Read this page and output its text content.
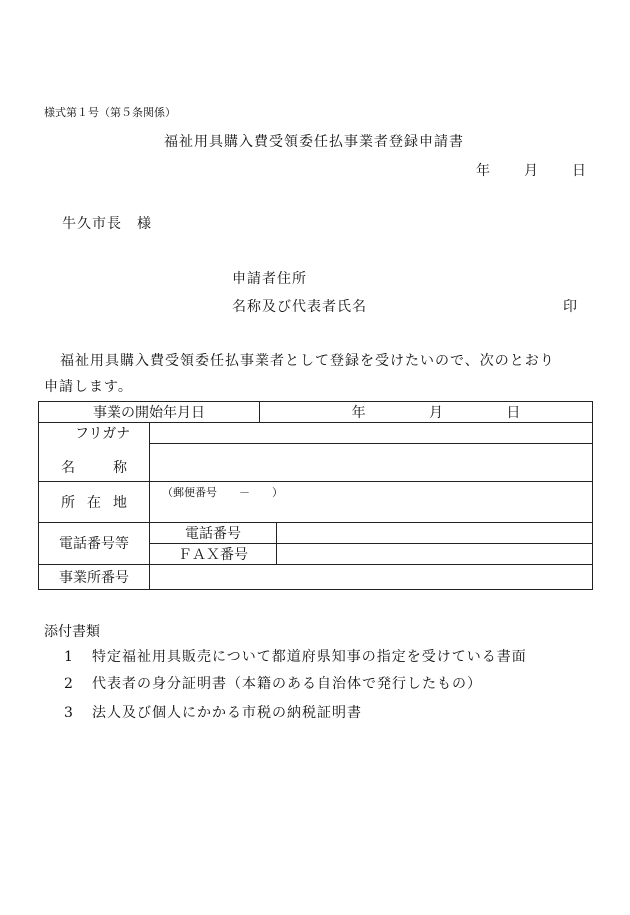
様式第１号（第５条関係）
福祉用具購入費受領委任払事業者登録申請書
年 月 日
牛久市長　様
申請者住所
名称及び代表者氏名	印
福祉用具購入費受領委任払事業者として登録を受けたいので、次のとおり
申請します。
事業の開始年月日		年 月 日	

フリガナ			

名 称			

所 在 地	（郵便番号　　－　　）		
電話番号等	電話番号		
	ＦＡＸ番号		
事業所番号			
添付書類
1 特定福祉用具販売について都道府県知事の指定を受けている書面
2 代表者の身分証明書（本籍のある自治体で発行したもの）
3 法人及び個人にかかる市税の納税証明書
